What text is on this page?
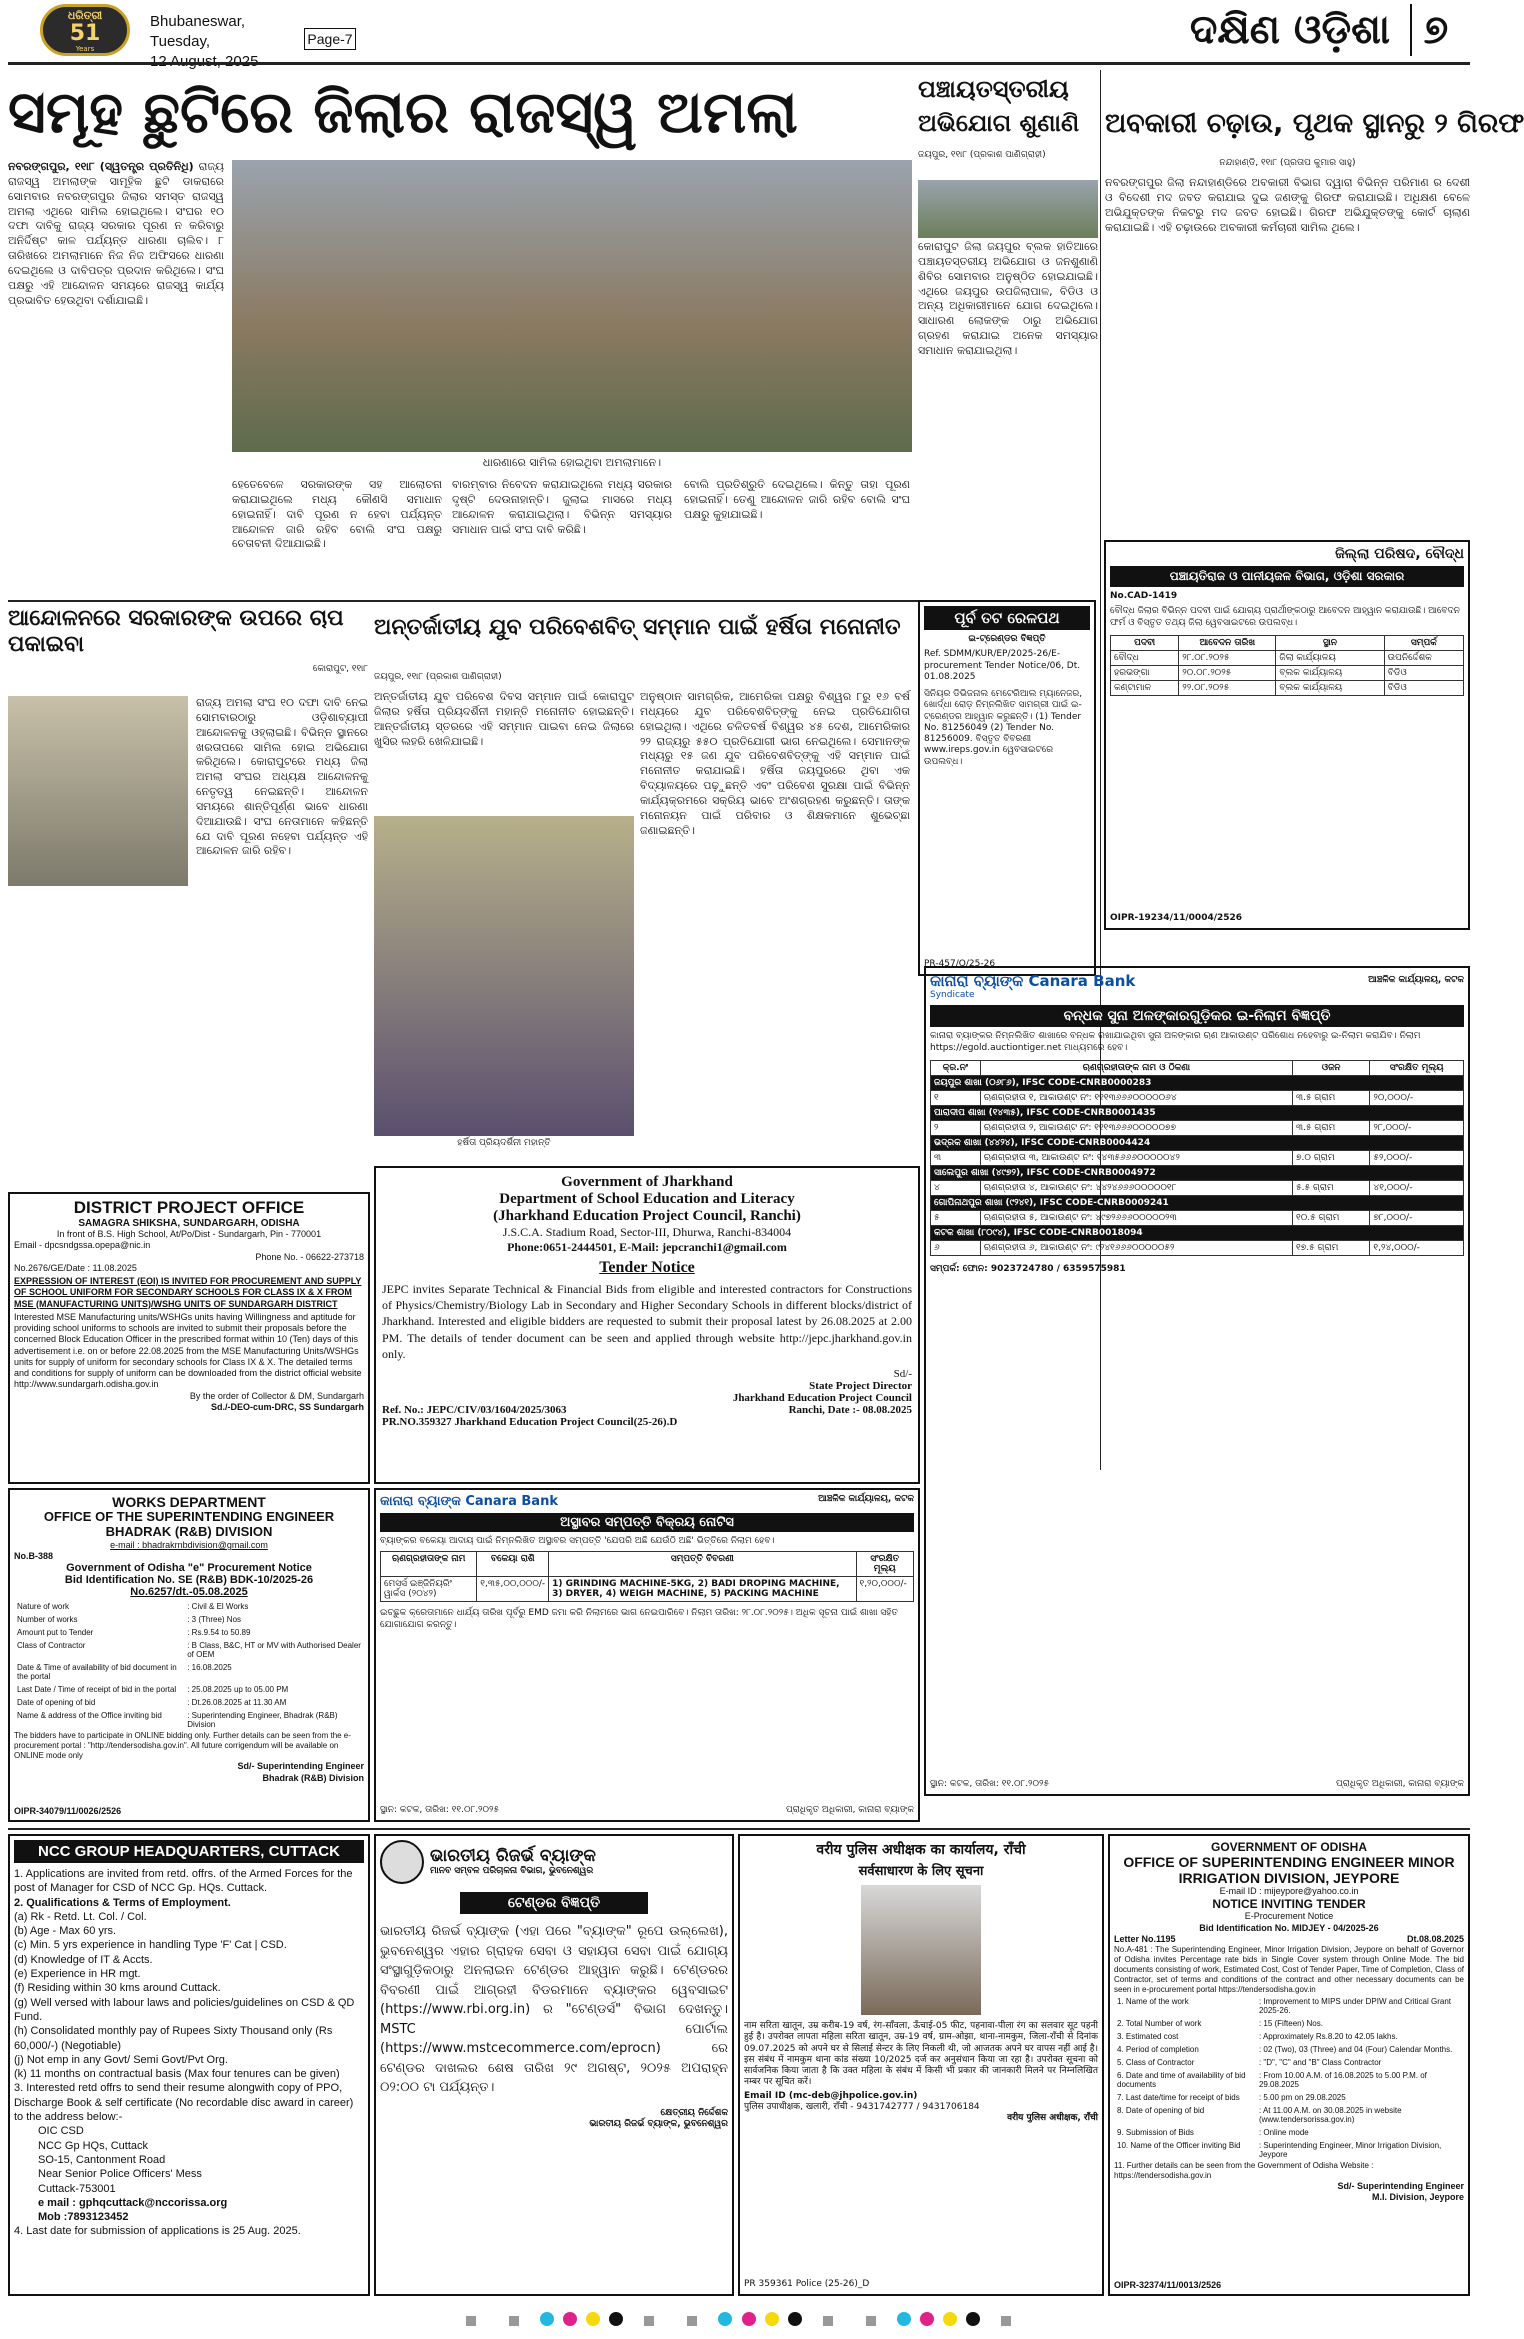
ଧରିତ୍ରୀ
51
Years
Bhubaneswar, Tuesday,	Page-7	ଦକ୍ଷିଣ ଓଡ଼ିଶା ୭
ସମୂହ ଛୁଟିରେ ଜିଲାର ରାଜସ୍ୱ ଅମଲା
ନବରଙ୍ଗପୁର, ୧୧ା୮ (ସ୍ୱତନ୍ତ୍ର ପ୍ରତିନିଧି) ରାଜ୍ୟ ରାଜସ୍ୱ ଅମଲାଙ୍କ ସାମୂହିକ ଛୁଟି ଡାକରାରେ ସୋମବାର ନବରଙ୍ଗପୁର ଜିଲାର ସମସ୍ତ ରାଜସ୍ୱ ଅମଲା ଏଥିରେ ସାମିଲ ହୋଇଥିଲେ। ସଂଘର ୧୦ ଦଫା ଦାବିକୁ ରାଜ୍ୟ ସରକାର ପୂରଣ ନ କରିବାରୁ ଅନିର୍ଦ୍ଦିଷ୍ଟ କାଳ ପର୍ଯ୍ୟନ୍ତ ଧାରଣା ଚାଲିବ। ୮ ତାରିଖରେ ଅମଲାମାନେ ନିଜ ନିଜ ଅଫିସରେ ଧାରଣା ଦେଇଥିଲେ ଓ ଦାବିପତ୍ର ପ୍ରଦାନ କରିଥିଲେ। ସଂଘ ପକ୍ଷରୁ ଏହି ଆନ୍ଦୋଳନ ସମୟରେ ରାଜସ୍ୱ କାର୍ଯ୍ୟ ପ୍ରଭାବିତ ହେଉଥିବା ଦର୍ଶାଯାଇଛି।
ଧାରଣାରେ ସାମିଲ ହୋଇଥିବା ଅମଲାମାନେ।
ହେତେବେଳେ ସରକାରଙ୍କ ସହ ଆଲୋଚନା କରାଯାଇଥିଲେ ମଧ୍ୟ କୌଣସି ସମାଧାନ ହୋଇନାହିଁ। ଦାବି ପୂରଣ ନ ହେବା ପର୍ଯ୍ୟନ୍ତ ଆନ୍ଦୋଳନ ଜାରି ରହିବ ବୋଲି ସଂଘ ପକ୍ଷରୁ ଚେତାବନୀ ଦିଆଯାଇଛି।
ବାରମ୍ବାର ନିବେଦନ କରାଯାଇଥିଲେ ମଧ୍ୟ ସରକାର ଦୃଷ୍ଟି ଦେଉନାହାନ୍ତି। ଜୁଲାଇ ମାସରେ ମଧ୍ୟ ଆନ୍ଦୋଳନ କରାଯାଇଥିଲା। ବିଭିନ୍ନ ସମସ୍ୟାର ସମାଧାନ ପାଇଁ ସଂଘ ଦାବି କରିଛି।
ବୋଲି ପ୍ରତିଶ୍ରୁତି ଦେଇଥିଲେ। କିନ୍ତୁ ତାହା ପୂରଣ ହୋଇନାହିଁ। ତେଣୁ ଆନ୍ଦୋଳନ ଜାରି ରହିବ ବୋଲି ସଂଘ ପକ୍ଷରୁ କୁହାଯାଇଛି।
ପଞ୍ଚାୟତସ୍ତରୀୟ ଅଭିଯୋଗ ଶୁଣାଣି
ଜୟପୁର, ୧୧ା୮ (ପ୍ରକାଶ ପାଣିଗ୍ରାହୀ)
କୋରାପୁଟ ଜିଲା ଜୟପୁର ବ୍ଲକ ହାତିଆରେ ପଞ୍ଚାୟତସ୍ତରୀୟ ଅଭିଯୋଗ ଓ ଜନଶୁଣାଣି ଶିବିର ସୋମବାର ଅନୁଷ୍ଠିତ ହୋଇଯାଇଛି। ଏଥିରେ ଜୟପୁର ଉପଜିଲାପାଳ, ବିଡିଓ ଓ ଅନ୍ୟ ଅଧିକାରୀମାନେ ଯୋଗ ଦେଇଥିଲେ। ସାଧାରଣ ଲୋକଙ୍କ ଠାରୁ ଅଭିଯୋଗ ଗ୍ରହଣ କରାଯାଇ ଅନେକ ସମସ୍ୟାର ସମାଧାନ କରାଯାଇଥିଲା।
ଅବକାରୀ ଚଢ଼ାଉ, ପୃଥକ ସ୍ଥାନରୁ ୨ ଗିରଫ
ନନ୍ଦାହାଣ୍ଡି, ୧୧ା୮ (ପ୍ରତାପ କୁମାର ସାହୁ)
ନବରଙ୍ଗପୁର ଜିଲା ନନ୍ଦାହାଣ୍ଡିରେ ଅବକାରୀ ବିଭାଗ ଦ୍ୱାରା ବିଭିନ୍ନ ପରିମାଣ ର ଦେଶୀ ଓ ବିଦେଶୀ ମଦ ଜବତ କରାଯାଇ ଦୁଇ ଜଣଙ୍କୁ ଗିରଫ କରାଯାଇଛି। ଅଧିକ୍ଷଣ ବେଳେ ଅଭିଯୁକ୍ତଙ୍କ ନିକଟରୁ ମଦ ଜବତ ହୋଇଛି। ଗିରଫ ଅଭିଯୁକ୍ତଙ୍କୁ କୋର୍ଟ ଚାଲାଣ କରାଯାଇଛି। ଏହି ଚଢ଼ାଉରେ ଅବକାରୀ କର୍ମଚାରୀ ସାମିଲ ଥିଲେ।
ଆନ୍ଦୋଳନରେ ସରକାରଙ୍କ ଉପରେ ଚାପ ପକାଇବା
କୋରାପୁଟ, ୧୧ା୮
ରାଜ୍ୟ ଅମଲା ସଂଘ ୧୦ ଦଫା ଦାବି ନେଇ ସୋମବାରଠାରୁ ଓଡ଼ିଶାବ୍ୟାପୀ ଆନ୍ଦୋଳନକୁ ଓହ୍ଲାଇଛି। ବିଭିନ୍ନ ସ୍ଥାନରେ ଖରତାପରେ ସାମିଲ ହୋଇ ଅଭିଯୋଗ କରିଥିଲେ। କୋରାପୁଟରେ ମଧ୍ୟ ଜିଲା ଅମଲା ସଂଘର ଅଧ୍ୟକ୍ଷ ଆନ୍ଦୋଳନକୁ ନେତୃତ୍ୱ ନେଇଛନ୍ତି। ଆନ୍ଦୋଳନ ସମୟରେ ଶାନ୍ତିପୂର୍ଣ୍ଣ ଭାବେ ଧାରଣା ଦିଆଯାଉଛି। ସଂଘ ନେତାମାନେ କହିଛନ୍ତି ଯେ ଦାବି ପୂରଣ ନହେବା ପର୍ଯ୍ୟନ୍ତ ଏହି ଆନ୍ଦୋଳନ ଜାରି ରହିବ।
ଅନ୍ତର୍ଜାତୀୟ ଯୁବ ପରିବେଶବିତ୍ ସମ୍ମାନ ପାଇଁ ହର୍ଷିତା ମନୋନୀତ
ଜୟପୁର, ୧୧ା୮ (ପ୍ରକାଶ ପାଣିଗ୍ରାହୀ)
ଅନ୍ତର୍ଜାତୀୟ ଯୁବ ପରିବେଶ ଦିବସ ସମ୍ମାନ ପାଇଁ କୋରାପୁଟ ଜିଲାର ହର୍ଷିତା ପ୍ରିୟଦର୍ଶିନୀ ମହାନ୍ତି ମନୋନୀତ ହୋଇଛନ୍ତି। ଆନ୍ତର୍ଜାତୀୟ ସ୍ତରରେ ଏହି ସମ୍ମାନ ପାଇବା ନେଇ ଜିଲାରେ ଖୁସିର ଲହରି ଖେଳିଯାଇଛି।
ହର୍ଷିତା ପ୍ରିୟଦର୍ଶିନୀ ମହାନ୍ତି
ଅନୁଷ୍ଠାନ ସାମଗ୍ରିକ, ଆମେରିକା ପକ୍ଷରୁ ବିଶ୍ୱର ୮ରୁ ୧୬ ବର୍ଷ ମଧ୍ୟରେ ଯୁବ ପରିବେଶବିତ୍‌ଙ୍କୁ ନେଇ ପ୍ରତିଯୋଗିତା ହୋଇଥିଲା। ଏଥିରେ ଚଳିତବର୍ଷ ବିଶ୍ୱର ୪୫ ଦେଶ, ଆମେରିକାର ୨୨ ରାଜ୍ୟରୁ ୫୫୦ ପ୍ରତିଯୋଗୀ ଭାଗ ନେଇଥିଲେ। ସେମାନଙ୍କ ମଧ୍ୟରୁ ୧୫ ଜଣ ଯୁବ ପରିବେଶବିତ୍‌ଙ୍କୁ ଏହି ସମ୍ମାନ ପାଇଁ ମନୋନୀତ କରାଯାଇଛି। ହର୍ଷିତା ଜୟପୁରରେ ଥିବା ଏକ ବିଦ୍ୟାଳୟରେ ପଢ଼ୁଛନ୍ତି ଏବଂ ପରିବେଶ ସୁରକ୍ଷା ପାଇଁ ବିଭିନ୍ନ କାର୍ଯ୍ୟକ୍ରମରେ ସକ୍ରିୟ ଭାବେ ଅଂଶଗ୍ରହଣ କରୁଛନ୍ତି। ତାଙ୍କ ମନୋନୟନ ପାଇଁ ପରିବାର ଓ ଶିକ୍ଷକମାନେ ଶୁଭେଚ୍ଛା ଜଣାଇଛନ୍ତି।
ପୂର୍ବ ତଟ ରେଳପଥ
ଇ-ଟ୍ରେଣ୍ଡର ବିଜ୍ଞପ୍ତି
Ref. SDMM/KUR/EP/2025-26/E-procurement Tender Notice/06, Dt. 01.08.2025
ସିନିୟର ଡିଭିଜନାଲ ମେଟେରିଆଲ ମ୍ୟାନେଜର, ଖୋର୍ଦ୍ଧା ରୋଡ଼ ନିମ୍ନଲିଖିତ ସାମଗ୍ରୀ ପାଇଁ ଇ-ଟ୍ରେଣ୍ଡର ଆହ୍ୱାନ କରୁଛନ୍ତି। (1) Tender No. 81256049 (2) Tender No. 81256009. ବିସ୍ତୃତ ବିବରଣୀ www.ireps.gov.in ୱେବସାଇଟରେ ଉପଲବ୍ଧ।
PR-457/Q/25-26
ଜିଲ୍ଲା ପରିଷଦ, ବୌଦ୍ଧ
ପଞ୍ଚାୟତିରାଜ ଓ ପାନୀୟଜଳ ବିଭାଗ, ଓଡ଼ିଶା ସରକାର
No.CAD-1419
ବୌଦ୍ଧ ଜିଲାର ବିଭିନ୍ନ ପଦବୀ ପାଇଁ ଯୋଗ୍ୟ ପ୍ରାର୍ଥୀଙ୍କଠାରୁ ଆବେଦନ ଆହ୍ୱାନ କରାଯାଉଛି। ଆବେଦନ ଫର୍ମ ଓ ବିସ୍ତୃତ ତଥ୍ୟ ଜିଲା ୱେବସାଇଟରେ ଉପଲବ୍ଧ।
ପଦବୀ	ଆବେଦନ ତାରିଖ	ସ୍ଥାନ	ସମ୍ପର୍କ
ବୌଦ୍ଧ	୨୮.୦୮.୨୦୨୫	ଜିଲା କାର୍ଯ୍ୟାଳୟ	ଉପନିର୍ଦ୍ଦେଶକ
ହରଭଙ୍ଗା	୨୦.୦୮.୨୦୨୫	ବ୍ଲକ କାର୍ଯ୍ୟାଳୟ	ବିଡିଓ
କଣ୍ଟାମାଳ	୨୨.୦୮.୨୦୨୫	ବ୍ଲକ କାର୍ଯ୍ୟାଳୟ	ବିଡିଓ
OIPR-19234/11/0004/2526
କାନାରା ବ୍ୟାଙ୍କ Canara Bank	ଆଞ୍ଚଳିକ କାର୍ଯ୍ୟାଳୟ, କଟକ
Syndicate
ବନ୍ଧକ ସୁନା ଅଳଙ୍କାରଗୁଡ଼ିକର ଇ-ନିଲାମ ବିଜ୍ଞପ୍ତି
କାନାରା ବ୍ୟାଙ୍କର ନିମ୍ନଲିଖିତ ଶାଖାରେ ବନ୍ଧକ ରଖାଯାଇଥିବା ସୁନା ଅଳଙ୍କାର ଋଣ ଆକାଉଣ୍ଟ ପରିଶୋଧ ନହେବାରୁ ଇ-ନିଲାମ କରାଯିବ। ନିଲାମ https://egold.auctiontiger.net ମାଧ୍ୟମରେ ହେବ।
କ୍ର.ନଂ	ଋଣଗ୍ରହୀତାଙ୍କ ନାମ ଓ ଠିକଣା	ଓଜନ	ସଂରକ୍ଷିତ ମୂଲ୍ୟ
ଜୟପୁର ଶାଖା (୦୬୮୬), IFSC CODE-CNRB0000283			
୧	ଋଣଗ୍ରହୀତା ୧, ଆକାଉଣ୍ଟ ନଂ: ୧୧୧୩୬୬୬୦୦୦୦୦୬୪	୩.୫ ଗ୍ରାମ	୨୦,୦୦୦/-
ପାରାଦୀପ ଶାଖା (୧୪୩୫), IFSC CODE-CNRB0001435			
୨	ଋଣଗ୍ରହୀତା ୨, ଆକାଉଣ୍ଟ ନଂ: ୧୧୧୩୬୬୬୦୦୦୦୦୭୭	୩.୫ ଗ୍ରାମ	୨୮,୦୦୦/-
ଭଦ୍ରକ ଶାଖା (୪୪୨୪), IFSC CODE-CNRB0004424			
୩	ଋଣଗ୍ରହୀତା ୩, ଆକାଉଣ୍ଟ ନଂ: ୧୪୩୫୬୬୬୦୦୦୦୦୪୨	୭.୦ ଗ୍ରାମ	୫୨,୦୦୦/-
ସାଲେପୁର ଶାଖା (୪୯୭୨), IFSC CODE-CNRB0004972			
୪	ଋଣଗ୍ରହୀତା ୪, ଆକାଉଣ୍ଟ ନଂ: ୪୪୨୪୬୬୬୦୦୦୦୦୧୮	୫.୫ ଗ୍ରାମ	୪୧,୦୦୦/-
ଗୋପିନାଥପୁର ଶାଖା (୯୨୪୧), IFSC CODE-CNRB0009241			
୫	ଋଣଗ୍ରହୀତା ୫, ଆକାଉଣ୍ଟ ନଂ: ୪୯୭୨୬୬୬୦୦୦୦୦୨୩	୧୦.୫ ଗ୍ରାମ	୭୮,୦୦୦/-
କଟକ ଶାଖା (୮୦୯୪), IFSC CODE-CNRB0018094			
୬	ଋଣଗ୍ରହୀତା ୬, ଆକାଉଣ୍ଟ ନଂ: ୯୨୪୧୬୬୬୦୦୦୦୦୫୨	୧୭.୫ ଗ୍ରାମ	୧,୨୪,୦୦୦/-
ସମ୍ପର୍କ: ଫୋନ: 9023724780 / 6359575981
ସ୍ଥାନ: କଟକ, ତାରିଖ: ୧୧.୦୮.୨୦୨୫	ପ୍ରାଧିକୃତ ଅଧିକାରୀ, କାନାରା ବ୍ୟାଙ୍କ
DISTRICT PROJECT OFFICE
SAMAGRA SHIKSHA, SUNDARGARH, ODISHA
In front of B.S. High School, At/Po/Dist - Sundargarh, Pin - 770001
Email - dpcsndgssa.opepa@nic.in
Phone No. - 06622-273718
No.2676/GE/Date : 11.08.2025
EXPRESSION OF INTEREST (EOI) IS INVITED FOR PROCUREMENT AND SUPPLY OF SCHOOL UNIFORM FOR SECONDARY SCHOOLS FOR CLASS IX & X FROM MSE (MANUFACTURING UNITS)/WSHG UNITS OF SUNDARGARH DISTRICT
Interested MSE Manufacturing units/WSHGs units having Willingness and aptitude for providing school uniforms to schools are invited to submit their proposals before the concerned Block Education Officer in the prescribed format within 10 (Ten) days of this advertisement i.e. on or before 22.08.2025 from the MSE Manufacturing Units/WSHGs units for supply of uniform for secondary schools for Class IX & X. The detailed terms and conditions for supply of uniform can be downloaded from the district official website http://www.sundargarh.odisha.gov.in
By the order of Collector & DM, Sundargarh
Sd./-DEO-cum-DRC, SS Sundargarh
Government of Jharkhand
Department of School Education and Literacy
(Jharkhand Education Project Council, Ranchi)
J.S.C.A. Stadium Road, Sector-III, Dhurwa, Ranchi-834004
Phone:0651-2444501, E-Mail: jepcranchi1@gmail.com
Tender Notice
JEPC invites Separate Technical & Financial Bids from eligible and interested contractors for Constructions of Physics/Chemistry/Biology Lab in Secondary and Higher Secondary Schools in different blocks/district of Jharkhand. Interested and eligible bidders are requested to submit their proposal latest by 26.08.2025 at 2.00 PM. The details of tender document can be seen and applied through website http://jepc.jharkhand.gov.in only.
Sd/-
State Project Director
Jharkhand Education Project Council
Ref. No.: JEPC/CIV/03/1604/2025/3063	Ranchi, Date :- 08.08.2025
PR.NO.359327 Jharkhand Education Project Council(25-26).D
WORKS DEPARTMENT
OFFICE OF THE SUPERINTENDING ENGINEER BHADRAK (R&B) DIVISION
e-mail : bhadrakrnbdivision@gmail.com
No.B-388
Government of Odisha "e" Procurement Notice
Bid Identification No. SE (R&B) BDK-10/2025-26
No.6257/dt.-05.08.2025
Nature of work	: Civil & El Works
Number of works	: 3 (Three) Nos
Amount put to Tender	: Rs.9.54 to 50.89
Class of Contractor	: B Class, B&C, HT or MV with Authorised Dealer of OEM
Date & Time of availability of bid document in the portal	: 16.08.2025
Last Date / Time of receipt of bid in the portal	: 25.08.2025 up to 05.00 PM
Date of opening of bid	: Dt.26.08.2025 at 11.30 AM
Name & address of the Office inviting bid	: Superintending Engineer, Bhadrak (R&B) Division
The bidders have to participate in ONLINE bidding only. Further details can be seen from the e-procurement portal : "http://tendersodisha.gov.in". All future corrigendum will be available on ONLINE mode only
Sd/- Superintending Engineer
Bhadrak (R&B) Division
OIPR-34079/11/0026/2526
କାନାରା ବ୍ୟାଙ୍କ Canara Bank	ଆଞ୍ଚଳିକ କାର୍ଯ୍ୟାଳୟ, କଟକ
ଅସ୍ଥାବର ସମ୍ପତ୍ତି ବିକ୍ରୟ ନୋଟିସ
ବ୍ୟାଙ୍କର ବକେୟା ଆଦାୟ ପାଇଁ ନିମ୍ନଲିଖିତ ଅସ୍ଥାବର ସମ୍ପତ୍ତି 'ଯେପରି ଅଛି ଯେଉଁଠି ଅଛି' ଭିତ୍ତିରେ ନିଲାମ ହେବ।
ଋଣଗ୍ରହୀତାଙ୍କ ନାମ	ବକେୟା ରାଶି	ସମ୍ପତ୍ତି ବିବରଣୀ	ସଂରକ୍ଷିତ ମୂଲ୍ୟ
ମେସର୍ସ ଇଞ୍ଜିନିୟରିଂ ୱାର୍କସ (୨୦୪୨)	୧,୩୫,୦୦,୦୦୦/-	1) GRINDING MACHINE-5KG, 2) BADI DROPING MACHINE, 3) DRYER, 4) WEIGH MACHINE, 5) PACKING MACHINE	୧,୨୦,୦୦୦/-
ଇଚ୍ଛୁକ କ୍ରେତାମାନେ ଧାର୍ଯ୍ୟ ତାରିଖ ପୂର୍ବରୁ EMD ଜମା କରି ନିଲାମରେ ଭାଗ ନେଇପାରିବେ। ନିଲାମ ତାରିଖ: ୨୮.୦୮.୨୦୨୫। ଅଧିକ ସୂଚନା ପାଇଁ ଶାଖା ସହିତ ଯୋଗାଯୋଗ କରନ୍ତୁ।
ସ୍ଥାନ: କଟକ, ତାରିଖ: ୧୧.୦୮.୨୦୨୫	ପ୍ରାଧିକୃତ ଅଧିକାରୀ, କାନାରା ବ୍ୟାଙ୍କ
NCC GROUP HEADQUARTERS, CUTTACK
1. Applications are invited from retd. offrs. of the Armed Forces for the post of Manager for CSD of NCC Gp. HQs. Cuttack.
2. Qualifications & Terms of Employment.
(a) Rk - Retd. Lt. Col. / Col.
(b) Age - Max 60 yrs.
(c) Min. 5 yrs experience in handling Type 'F' Cat | CSD.
(d) Knowledge of IT & Accts.
(e) Experience in HR mgt.
(f) Residing within 30 kms around Cuttack.
(g) Well versed with labour laws and policies/guidelines on CSD & QD Fund.
(h) Consolidated monthly pay of Rupees Sixty Thousand only (Rs 60,000/-) (Negotiable)
(j) Not emp in any Govt/ Semi Govt/Pvt Org.
(k) 11 months on contractual basis (Max four tenures can be given)
3. Interested retd offrs to send their resume alongwith copy of PPO, Discharge Book & self certificate (No recordable disc award in career) to the address below:-
OIC CSD
NCC Gp HQs, Cuttack
SO-15, Cantonment Road
Near Senior Police Officers' Mess
Cuttack-753001
e mail : gphqcuttack@nccorissa.org
Mob :7893123452
4. Last date for submission of applications is 25 Aug. 2025.
ଭାରତୀୟ ରିଜର୍ଭ ବ୍ୟାଙ୍କ
ମାନବ ସମ୍ବଳ ପରିଚାଳନା ବିଭାଗ, ଭୁବନେଶ୍ୱର
ଟେଣ୍ଡର ବିଜ୍ଞପ୍ତି
ଭାରତୀୟ ରିଜର୍ଭ ବ୍ୟାଙ୍କ (ଏହା ପରେ "ବ୍ୟାଙ୍କ" ରୂପେ ଉଲ୍ଲେଖ), ଭୁବନେଶ୍ୱର ଏହାର ଗ୍ରାହକ ସେବା ଓ ସହାୟତା ସେବା ପାଇଁ ଯୋଗ୍ୟ ସଂସ୍ଥାଗୁଡ଼ିକଠାରୁ ଅନଲାଇନ ଟେଣ୍ଡର ଆହ୍ୱାନ କରୁଛି। ଟେଣ୍ଡରର ବିବରଣୀ ପାଇଁ ଆଗ୍ରହୀ ବିଡରମାନେ ବ୍ୟାଙ୍କର ୱେବସାଇଟ (https://www.rbi.org.in) ର "ଟେଣ୍ଡର୍ସ" ବିଭାଗ ଦେଖନ୍ତୁ। MSTC ପୋର୍ଟାଲ (https://www.mstcecommerce.com/eprocn) ରେ ଟେଣ୍ଡର ଦାଖଲର ଶେଷ ତାରିଖ ୨୯ ଅଗଷ୍ଟ, ୨୦୨୫ ଅପରାହ୍ନ ୦୨:୦୦ ଟା ପର୍ଯ୍ୟନ୍ତ।
କ୍ଷେତ୍ରୀୟ ନିର୍ଦ୍ଦେଶକ
ଭାରତୀୟ ରିଜର୍ଭ ବ୍ୟାଙ୍କ, ଭୁବନେଶ୍ୱର
वरीय पुलिस अधीक्षक का कार्यालय, राँची
सर्वसाधारण के लिए सूचना
नाम सरिता खातून, उम्र करीब-19 वर्ष, रंग-साँवला, ऊँचाई-05 फीट, पहनावा-पीला रंग का सलवार सूट पहनी हुई है। उपरोक्त लापता महिला सरिता खातून, उम्र-19 वर्ष, ग्राम-ओझा, थाना-नामकुम, जिला-राँची से दिनांक 09.07.2025 को अपने घर से सिलाई सेन्टर के लिए निकली थी, जो आजतक अपने घर वापस नहीं आई है। इस संबंध में नामकुम थाना कांड संख्या 10/2025 दर्ज कर अनुसंधान किया जा रहा है। उपरोक्त सूचना को सार्वजनिक किया जाता है कि उक्त महिला के संबंध में किसी भी प्रकार की जानकारी मिलने पर निम्नलिखित नम्बर पर सूचित करें।
Email ID (mc-deb@jhpolice.gov.in)
पुलिस उपाधीक्षक, खलारी, राँची - 9431742777 / 9431706184
वरीय पुलिस अधीक्षक, राँची
PR 359361 Police (25-26)_D
GOVERNMENT OF ODISHA
OFFICE OF SUPERINTENDING ENGINEER MINOR IRRIGATION DIVISION, JEYPORE
E-mail ID : mijeypore@yahoo.co.in
NOTICE INVITING TENDER
E-Procurement Notice
Bid Identification No. MIDJEY - 04/2025-26
Letter No.1195	Dt.08.08.2025
No.A-481 : The Superintending Engineer, Minor Irrigation Division, Jeypore on behalf of Governor of Odisha invites Percentage rate bids in Single Cover system through Online Mode. The bid documents consisting of work, Estimated Cost, Cost of Tender Paper, Time of Completion, Class of Contractor, set of terms and conditions of the contract and other necessary documents can be seen in e-procurement portal https://tendersodisha.gov.in
1. Name of the work	: Improvement to MIPS under DPIW and Critical Grant 2025-26.
2. Total Number of work	: 15 (Fifteen) Nos.
3. Estimated cost	: Approximately Rs.8.20 to 42.05 lakhs.
4. Period of completion	: 02 (Two), 03 (Three) and 04 (Four) Calendar Months.
5. Class of Contractor	: "D", "C" and "B" Class Contractor
6. Date and time of availability of bid documents	: From 10.00 A.M. of 16.08.2025 to 5.00 P.M. of 29.08.2025
7. Last date/time for receipt of bids	: 5.00 pm on 29.08.2025
8. Date of opening of bid	: At 11.00 A.M. on 30.08.2025 in website (www.tendersorissa.gov.in)
9. Submission of Bids	: Online mode
10. Name of the Officer inviting Bid	: Superintending Engineer, Minor Irrigation Division, Jeypore
11. Further details can be seen from the Government of Odisha Website : https://tendersodisha.gov.in
Sd/- Superintending Engineer
M.I. Division, Jeypore
OIPR-32374/11/0013/2526
